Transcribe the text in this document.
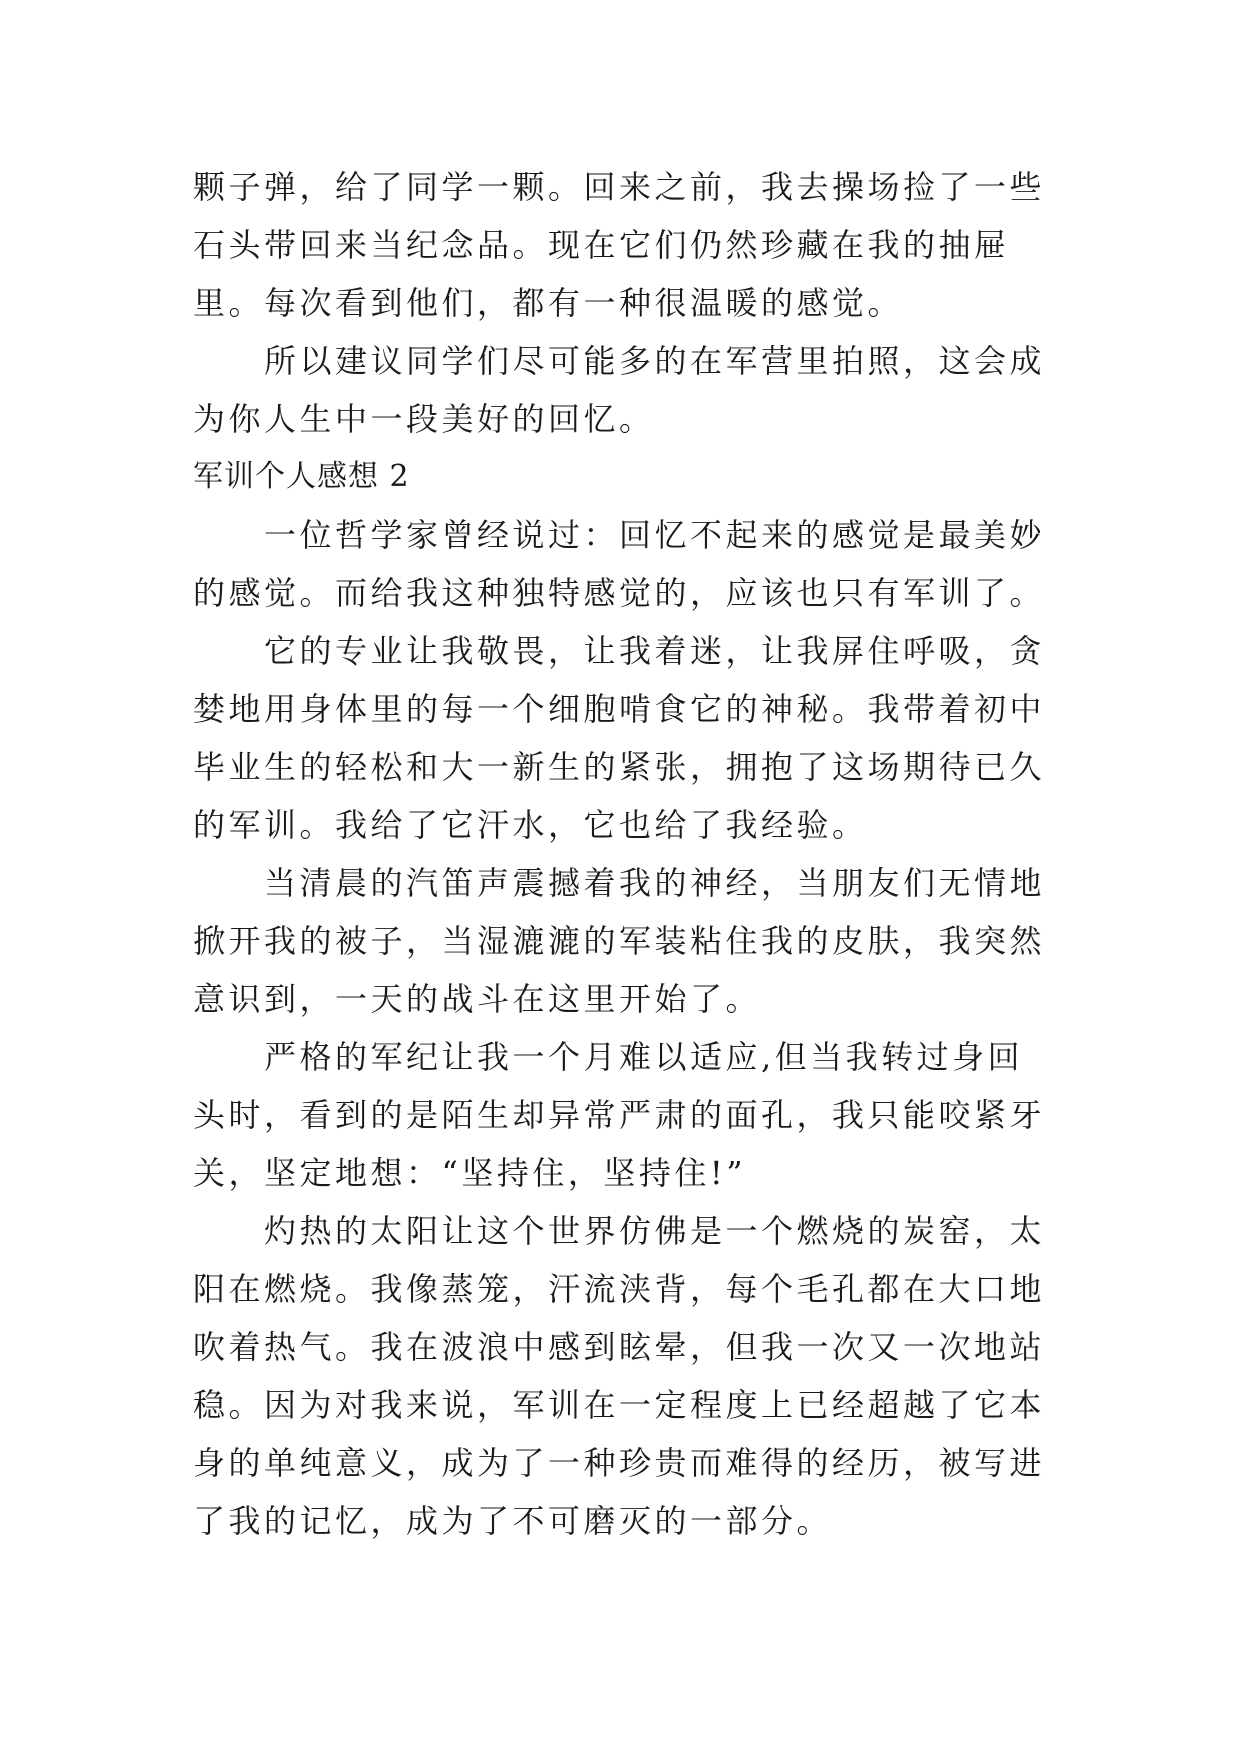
颗子弹，给了同学一颗。回来之前，我去操场捡了一些石头带回来当纪念品。现在它们仍然珍藏在我的抽屉里。每次看到他们，都有一种很温暖的感觉。

所以建议同学们尽可能多的在军营里拍照，这会成为你人生中一段美好的回忆。

军训个人感想 2

一位哲学家曾经说过：回忆不起来的感觉是最美妙的感觉。而给我这种独特感觉的，应该也只有军训了。

它的专业让我敬畏，让我着迷，让我屏住呼吸，贪婪地用身体里的每一个细胞啃食它的神秘。我带着初中毕业生的轻松和大一新生的紧张，拥抱了这场期待已久的军训。我给了它汗水，它也给了我经验。

当清晨的汽笛声震撼着我的神经，当朋友们无情地掀开我的被子，当湿漉漉的军装粘住我的皮肤，我突然意识到，一天的战斗在这里开始了。

严格的军纪让我一个月难以适应,但当我转过身回头时，看到的是陌生却异常严肃的面孔，我只能咬紧牙关，坚定地想：“坚持住，坚持住!”

灼热的太阳让这个世界仿佛是一个燃烧的炭窑，太阳在燃烧。我像蒸笼，汗流浃背，每个毛孔都在大口地吹着热气。我在波浪中感到眩晕，但我一次又一次地站稳。因为对我来说，军训在一定程度上已经超越了它本身的单纯意义，成为了一种珍贵而难得的经历，被写进了我的记忆，成为了不可磨灭的一部分。
